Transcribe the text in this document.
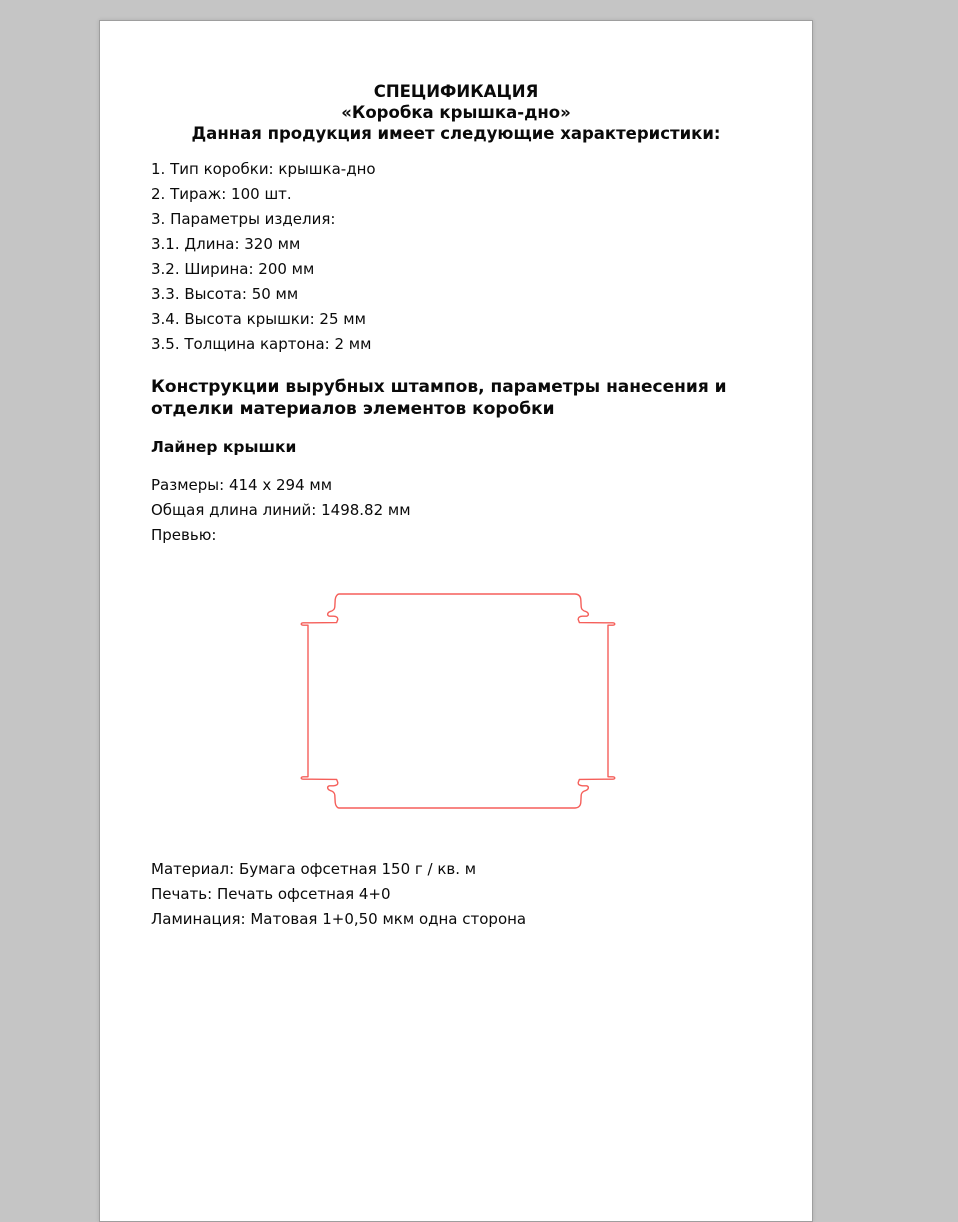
СПЕЦИФИКАЦИЯ
«Коробка крышка-дно»
Данная продукция имеет следующие характеристики:
1. Тип коробки: крышка-дно
2. Тираж: 100 шт.
3. Параметры изделия:
3.1. Длина: 320 мм
3.2. Ширина: 200 мм
3.3. Высота: 50 мм
3.4. Высота крышки: 25 мм
3.5. Толщина картона: 2 мм
Конструкции вырубных штампов, параметры нанесения и отделки материалов элементов коробки
Лайнер крышки
Размеры: 414 х 294 мм
Общая длина линий: 1498.82 мм
Превью:
Материал: Бумага офсетная 150 г / кв. м
Печать: Печать офсетная 4+0
Ламинация: Матовая 1+0,50 мкм одна сторона
